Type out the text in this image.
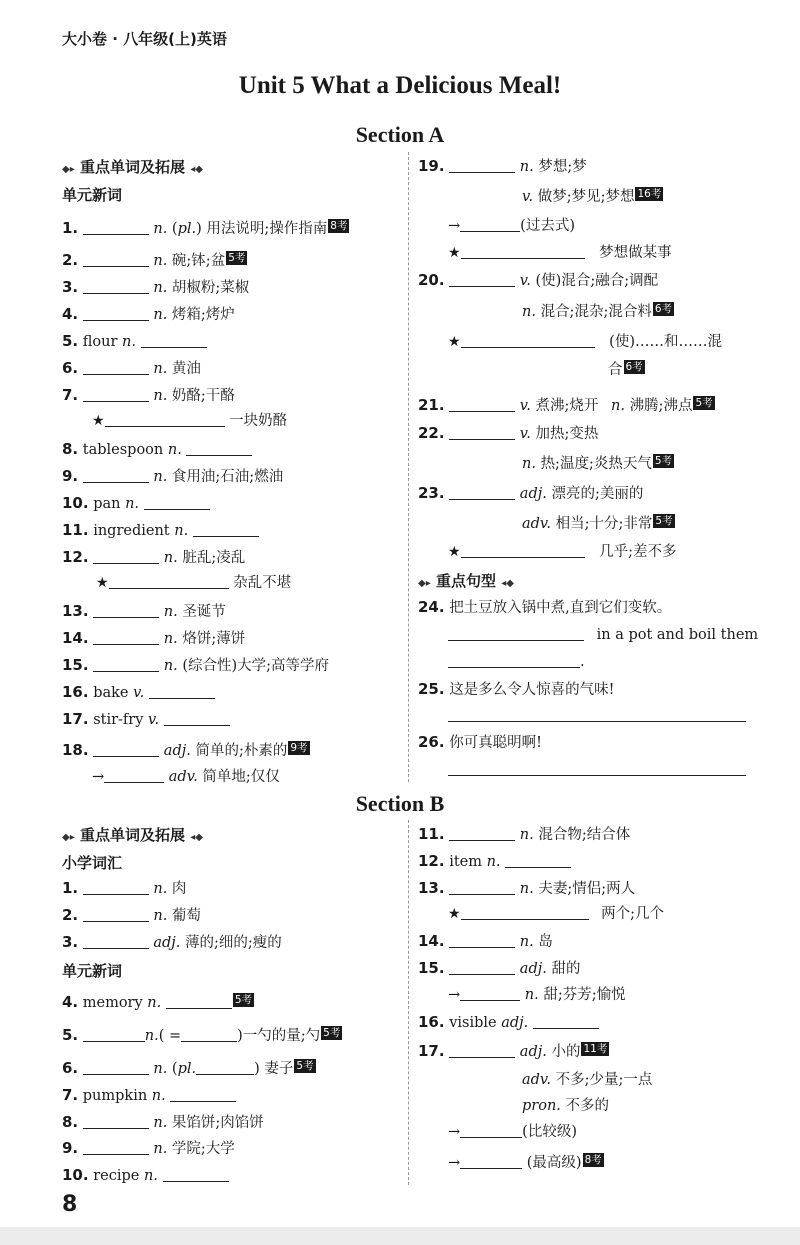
大小卷 · 八年级(上)英语
Unit 5 What a Delicious Meal!
Section A
◆▸ 重点单词及拓展 ◂◆
单元新词
1.	n. (pl.) 用法说明;操作指南 8考
2.	n. 碗;钵;盆 5考
3.	n. 胡椒粉;菜椒
4.	n. 烤箱;烤炉
5. flour n.
6.	n. 黄油
7.	n. 奶酪;干酪
★	一块奶酪
8. tablespoon n.
9.	n. 食用油;石油;燃油
10. pan n.
11. ingredient n.
12.	n. 脏乱;凌乱
★	杂乱不堪
13.	n. 圣诞节
14.	n. 烙饼;薄饼
15.	n. (综合性)大学;高等学府
16. bake v.
17. stir-fry v.
18.	adj. 简单的;朴素的 9考
→	adv. 简单地;仅仅
19.	n. 梦想;梦
v. 做梦;梦见;梦想 16考
→	(过去式)
★	梦想做某事
20.	v. (使)混合;融合;调配
n. 混合;混杂;混合料 6考
★	(使)……和……混
合 6考
21.	v. 煮沸;烧开 n. 沸腾;沸点 5考
22.	v. 加热;变热
n. 热;温度;炎热天气 5考
23.	adj. 漂亮的;美丽的
adv. 相当;十分;非常 5考
★	几乎;差不多
◆▸ 重点句型 ◂◆
24. 把土豆放入锅中煮,直到它们变软。
in a pot and boil them
.
25. 这是多么令人惊喜的气味!
26. 你可真聪明啊!
Section B
◆▸ 重点单词及拓展 ◂◆
小学词汇
1.	n. 肉
2.	n. 葡萄
3.	adj. 薄的;细的;瘦的
单元新词
4. memory n.	5考
5.	n.( =	)一勺的量;勺 5考
6.	n. (pl.	) 妻子 5考
7. pumpkin n.
8.	n. 果馅饼;肉馅饼
9.	n. 学院;大学
10. recipe n.
11.	n. 混合物;结合体
12. item n.
13.	n. 夫妻;情侣;两人
★	两个;几个
14.	n. 岛
15.	adj. 甜的
→	n. 甜;芬芳;愉悦
16. visible adj.
17.	adj. 小的 11考
adv. 不多;少量;一点
pron. 不多的
→	(比较级)
→	(最高级) 8考
8
